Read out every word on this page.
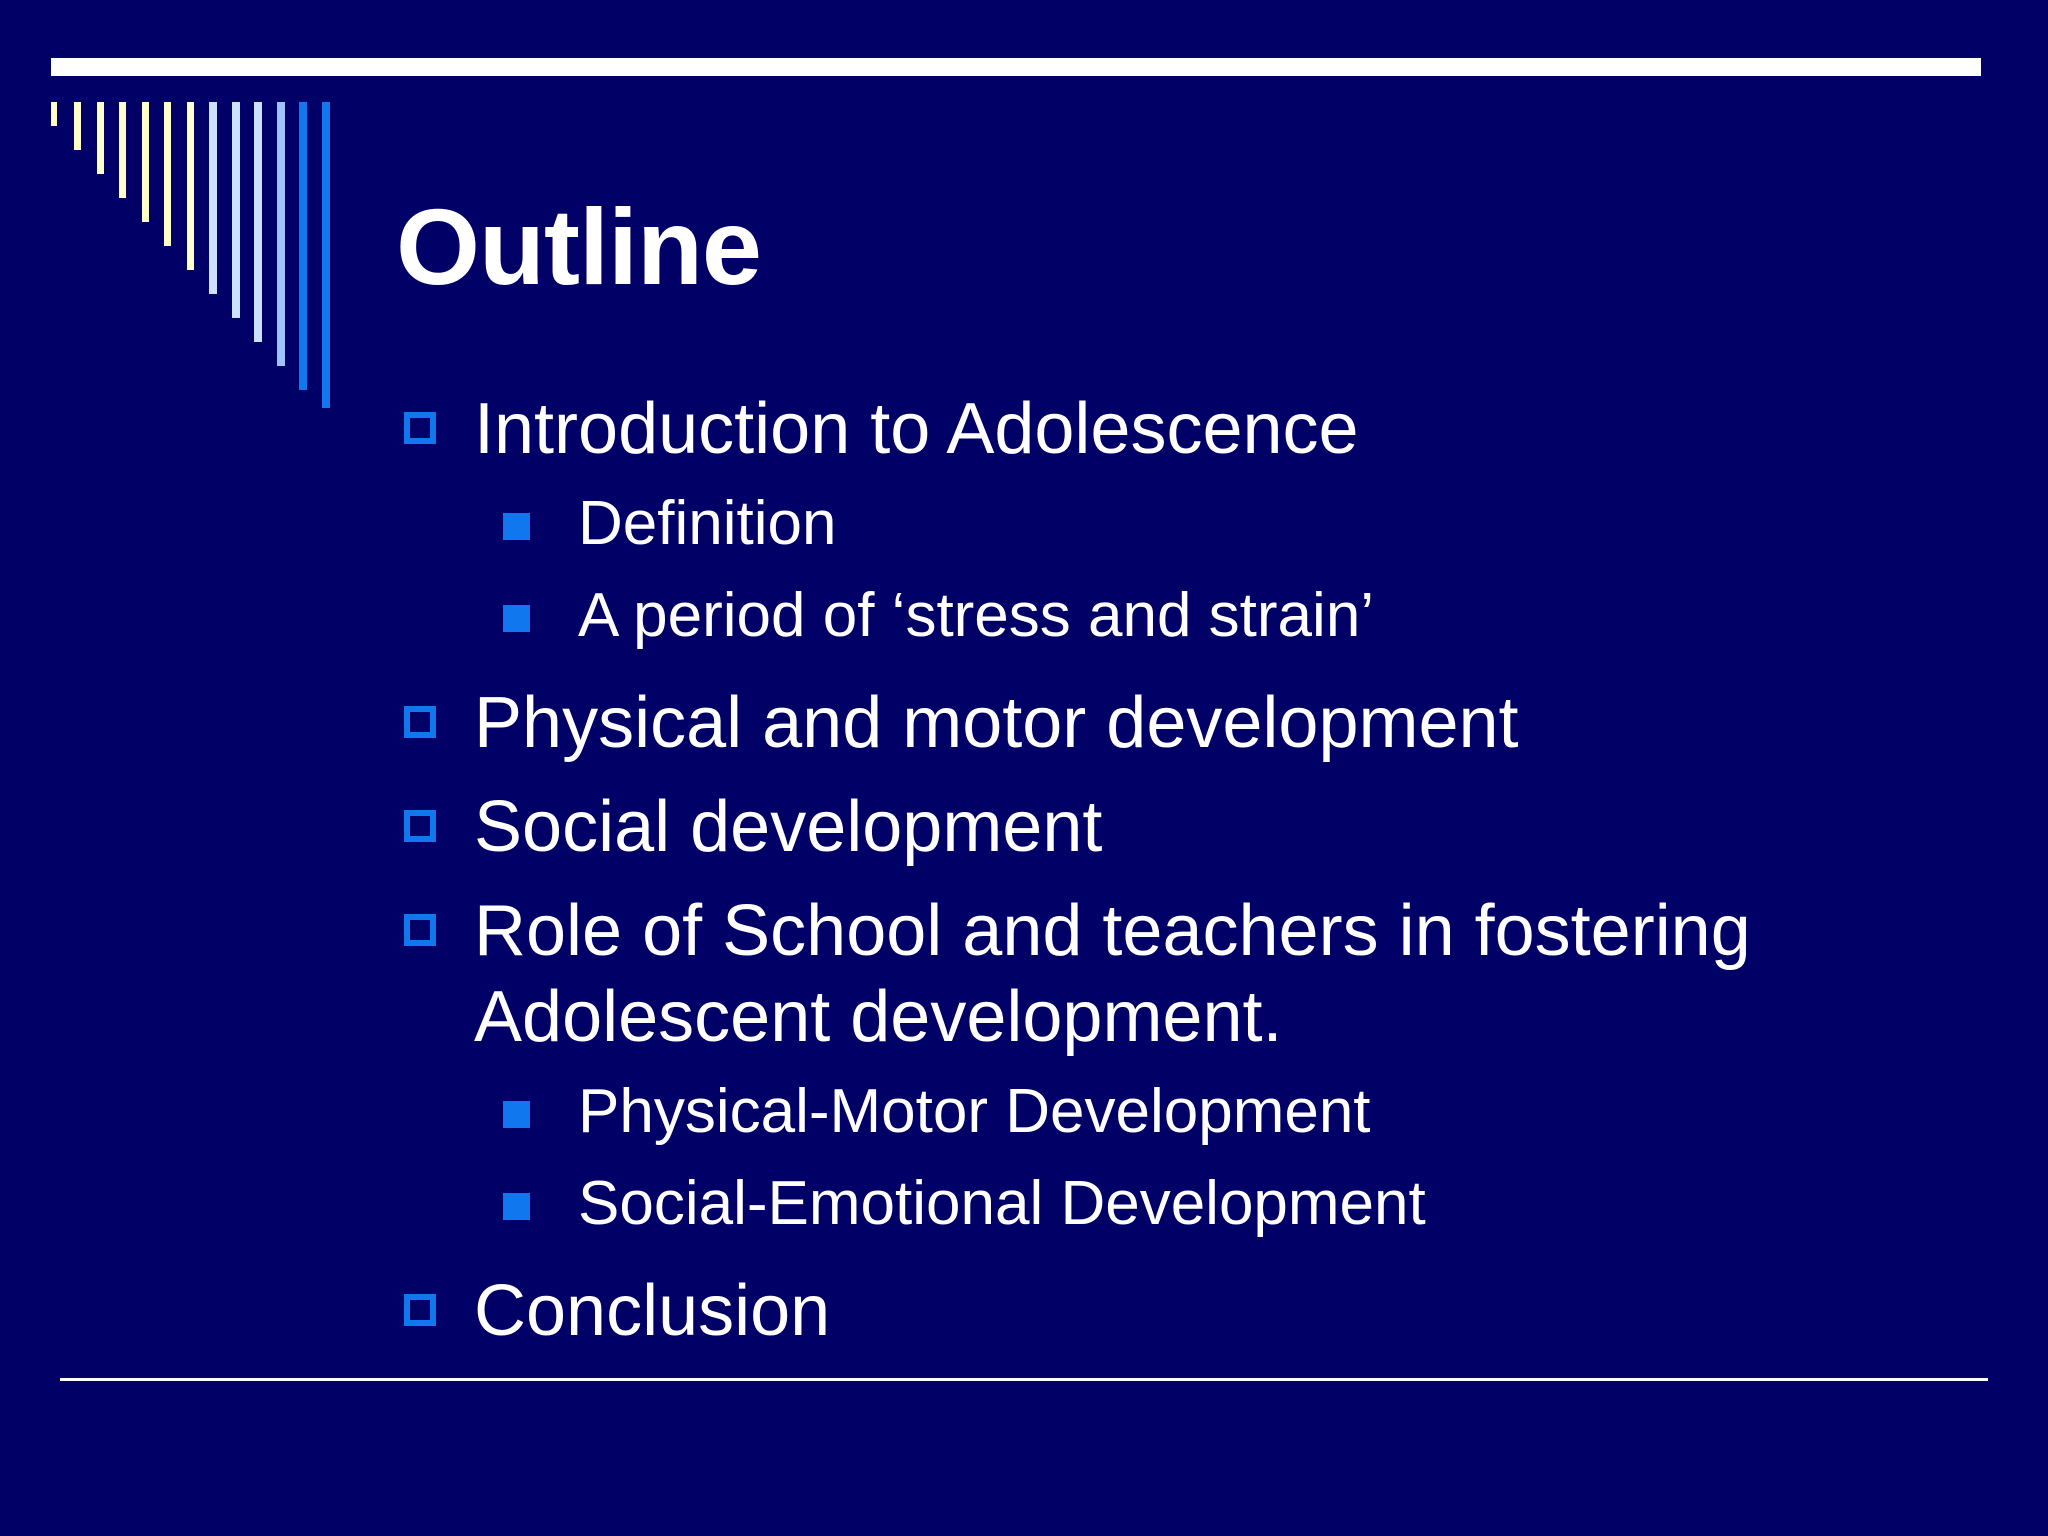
Outline
Introduction to Adolescence
Definition
A period of ‘stress and strain’
Physical and motor development
Social development
Role of School and teachers in fostering Adolescent development.
Physical-Motor Development
Social-Emotional Development
Conclusion
